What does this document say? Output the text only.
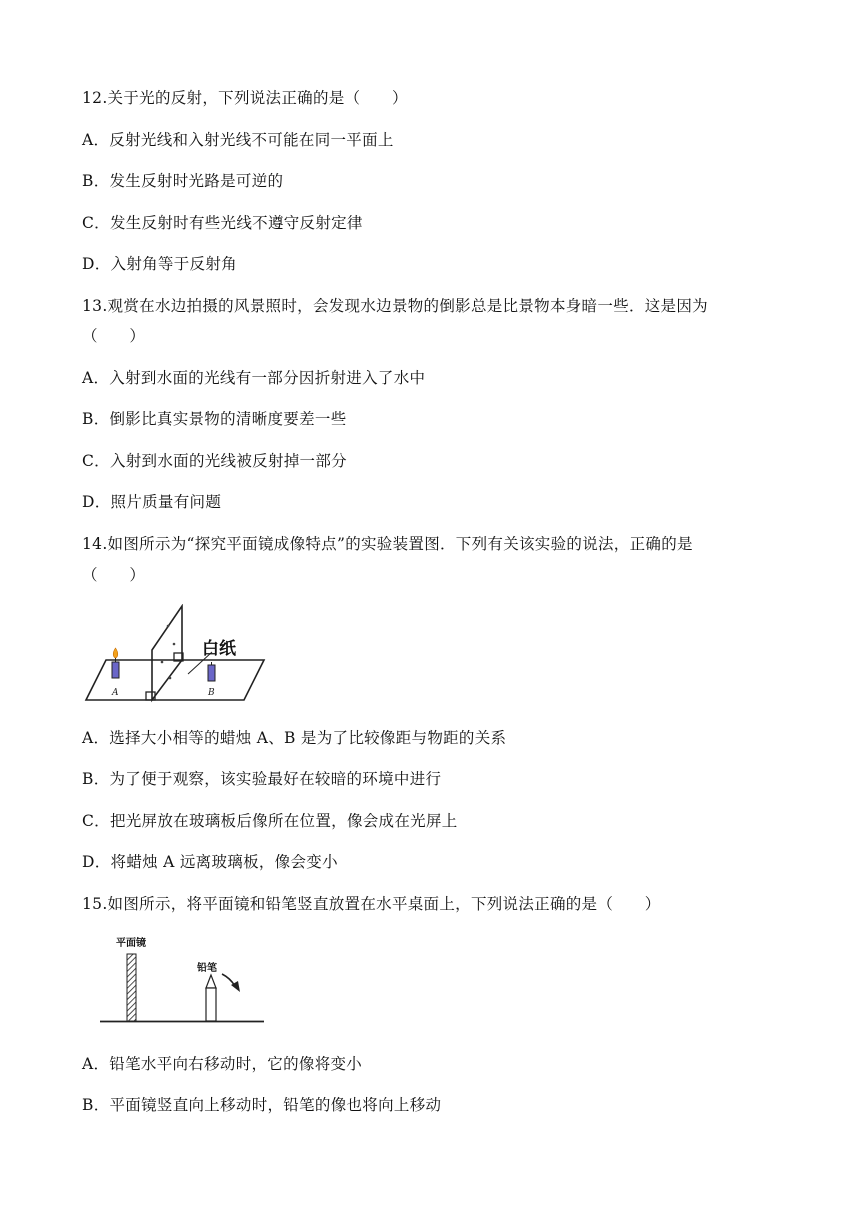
12.关于光的反射，下列说法正确的是（　　）
A．反射光线和入射光线不可能在同一平面上
B．发生反射时光路是可逆的
C．发生反射时有些光线不遵守反射定律
D．入射角等于反射角
13.观赏在水边拍摄的风景照时，会发现水边景物的倒影总是比景物本身暗一些．这是因为
（　　）
A．入射到水面的光线有一部分因折射进入了水中
B．倒影比真实景物的清晰度要差一些
C．入射到水面的光线被反射掉一部分
D．照片质量有问题
14.如图所示为“探究平面镜成像特点”的实验装置图．下列有关该实验的说法，正确的是
（　　）
A	B
白纸
A．选择大小相等的蜡烛 A、B 是为了比较像距与物距的关系
B．为了便于观察，该实验最好在较暗的环境中进行
C．把光屏放在玻璃板后像所在位置，像会成在光屏上
D．将蜡烛 A 远离玻璃板，像会变小
15.如图所示，将平面镜和铅笔竖直放置在水平桌面上，下列说法正确的是（　　）
平面镜
铅笔
A．铅笔水平向右移动时，它的像将变小
B．平面镜竖直向上移动时，铅笔的像也将向上移动
